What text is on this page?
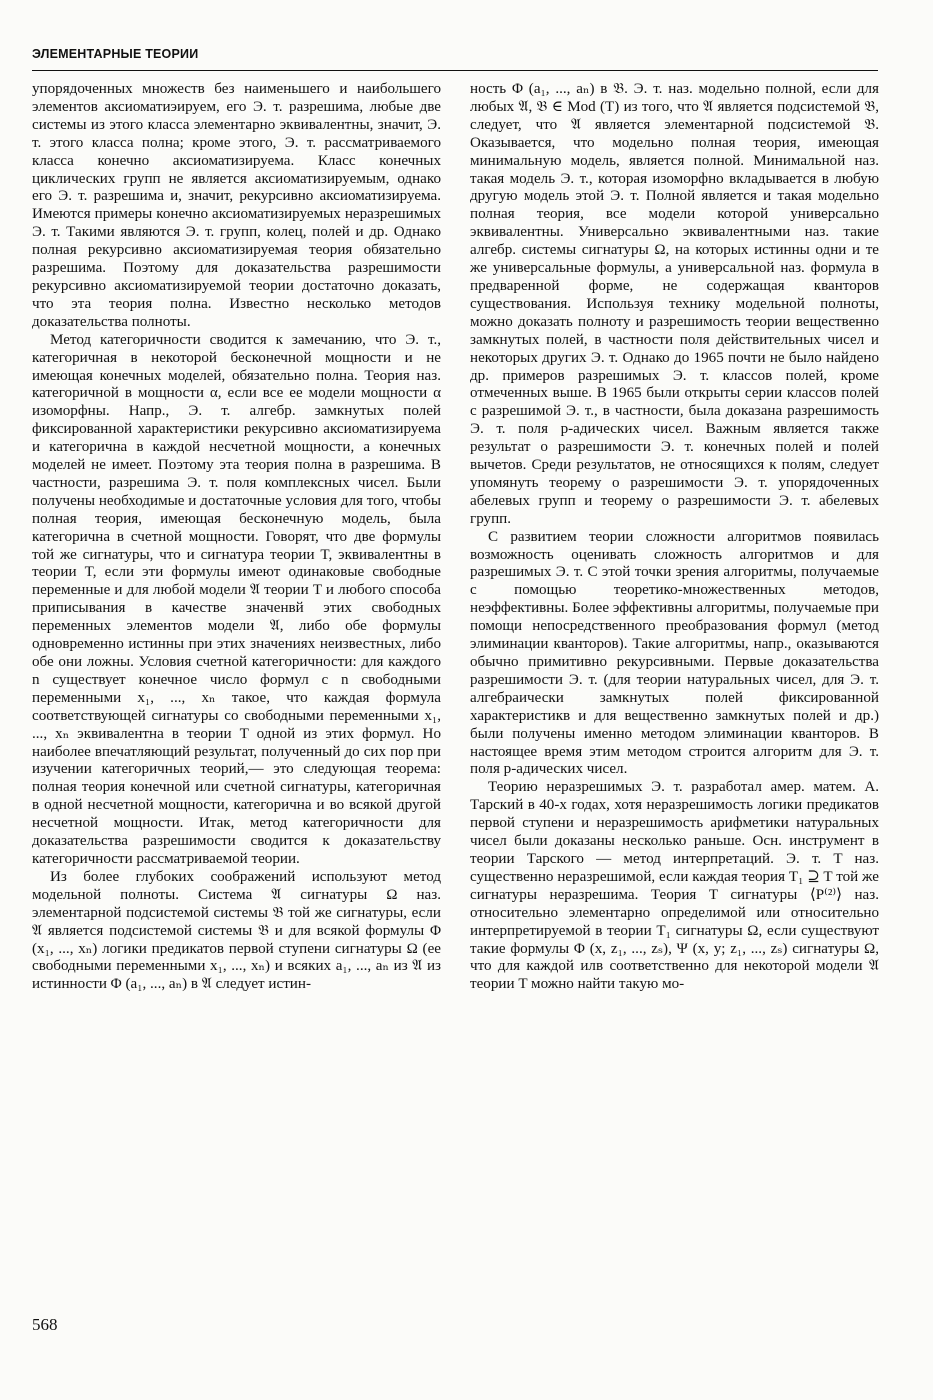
ЭЛЕМЕНТАРНЫЕ ТЕОРИИ

упорядоченных множеств без наименьшего и наибольшего элементов аксиоматиэируем, его Э. т. разрешима, любые две системы из этого класса элементарно эквивалентны, значит, Э. т. этого класса полна; кроме этого, Э. т. рассматриваемого класса конечно аксиоматизируема. Класс конечных циклических групп не является аксиоматизируемым, однако его Э. т. разрешима и, значит, рекурсивно аксиоматизируема. Имеются примеры конечно аксиоматизируемых неразрешимых Э. т. Такими являются Э. т. групп, колец, полей и др. Однако полная рекурсивно аксиоматизируемая теория обязательно разрешима. Поэтому для доказательства разрешимости рекурсивно аксиоматизируемой теории достаточно доказать, что эта теория полна. Известно несколько методов доказательства полноты.

Метод категоричности сводится к замечанию, что Э. т., категоричная в некоторой бесконечной мощности и не имеющая конечных моделей, обязательно полна. Теория наз. категоричной в мощности α, если все ее модели мощности α изоморфны. Напр., Э. т. алгебр. замкнутых полей фиксированной характеристики рекурсивно аксиоматизируема и категорична в каждой несчетной мощности, а конечных моделей не имеет. Поэтому эта теория полна в разрешима. В частности, разрешима Э. т. поля комплексных чисел. Были получены необходимые и достаточные условия для того, чтобы полная теория, имеющая бесконечную модель, была категорична в счетной мощности. Говорят, что две формулы той же сигнатуры, что и сигнатура теории T, эквивалентны в теории T, если эти формулы имеют одинаковые свободные переменные и для любой модели 𝔄 теории T и любого способа приписывания в качестве значенвй этих свободных переменных элементов модели 𝔄, либо обе формулы одновременно истинны при этих значениях неизвестных, либо обе они ложны. Условия счетной категоричности: для каждого n существует конечное число формул с n свободными переменными x₁, ..., xₙ такое, что каждая формула соответствующей сигнатуры со свободными переменными x₁, ..., xₙ эквивалентна в теории T одной из этих формул. Но наиболее впечатляющий результат, полученный до сих пор при изучении категоричных теорий,— это следующая теорема: полная теория конечной или счетной сигнатуры, категоричная в одной несчетной мощности, категорична и во всякой другой несчетной мощности. Итак, метод категоричности для доказательства разрешимости сводится к доказательству категоричности рассматриваемой теории.

Из более глубоких соображений используют метод модельной полноты. Система 𝔄 сигнатуры Ω наз. элементарной подсистемой системы 𝔅 той же сигнатуры, если 𝔄 является подсистемой системы 𝔅 и для всякой формулы Φ (x₁, ..., xₙ) логики предикатов первой ступени сигнатуры Ω (ее свободными переменными x₁, ..., xₙ) и всяких a₁, ..., aₙ из 𝔄 из истинности Φ (a₁, ..., aₙ) в 𝔄 следует истин-

ность Φ (a₁, ..., aₙ) в 𝔅. Э. т. наз. модельно полной, если для любых 𝔄, 𝔅 ∈ Mod (T) из того, что 𝔄 является подсистемой 𝔅, следует, что 𝔄 является элементарной подсистемой 𝔅. Оказывается, что модельно полная теория, имеющая минимальную модель, является полной. Минимальной наз. такая модель Э. т., которая изоморфно вкладывается в любую другую модель этой Э. т. Полной является и такая модельно полная теория, все модели которой универсально эквивалентны. Универсально эквивалентными наз. такие алгебр. системы сигнатуры Ω, на которых истинны одни и те же универсальные формулы, а универсальной наз. формула в предваренной форме, не содержащая кванторов существования. Используя технику модельной полноты, можно доказать полноту и разрешимость теории вещественно замкнутых полей, в частности поля действительных чисел и некоторых других Э. т. Однако до 1965 почти не было найдено др. примеров разрешимых Э. т. классов полей, кроме отмеченных выше. В 1965 были открыты серии классов полей с разрешимой Э. т., в частности, была доказана разрешимость Э. т. поля p-адических чисел. Важным является также результат о разрешимости Э. т. конечных полей и полей вычетов. Среди результатов, не относящихся к полям, следует упомянуть теорему о разрешимости Э. т. упорядоченных абелевых групп и теорему о разрешимости Э. т. абелевых групп.

С развитием теории сложности алгоритмов появилась возможность оценивать сложность алгоритмов и для разрешимых Э. т. С этой точки зрения алгоритмы, получаемые с помощью теоретико-множественных методов, неэффективны. Более эффективны алгоритмы, получаемые при помощи непосредственного преобразования формул (метод элиминации кванторов). Такие алгоритмы, напр., оказываются обычно примитивно рекурсивными. Первые доказательства разрешимости Э. т. (для теории натуральных чисел, для Э. т. алгебраически замкнутых полей фиксированной характеристикв и для вещественно замкнутых полей и др.) были получены именно методом элиминации кванторов. В настоящее время этим методом строится алгоритм для Э. т. поля p-адических чисел.

Теорию неразрешимых Э. т. разработал амер. матем. А. Тарский в 40-х годах, хотя неразрешимость логики предикатов первой ступени и неразрешимость арифметики натуральных чисел были доказаны несколько раньше. Осн. инструмент в теории Тарского — метод интерпретаций. Э. т. T наз. существенно неразрешимой, если каждая теория T₁ ⊇ T той же сигнатуры неразрешима. Теория T сигнатуры ⟨P⁽²⁾⟩ наз. относительно элементарно определимой или относительно интерпретируемой в теории T₁ сигнатуры Ω, если существуют такие формулы Φ (x, z₁, ..., zₛ), Ψ (x, y; z₁, ..., zₛ) сигнатуры Ω, что для каждой илв соответственно для некоторой модели 𝔄 теории T можно найти такую мо-

568
